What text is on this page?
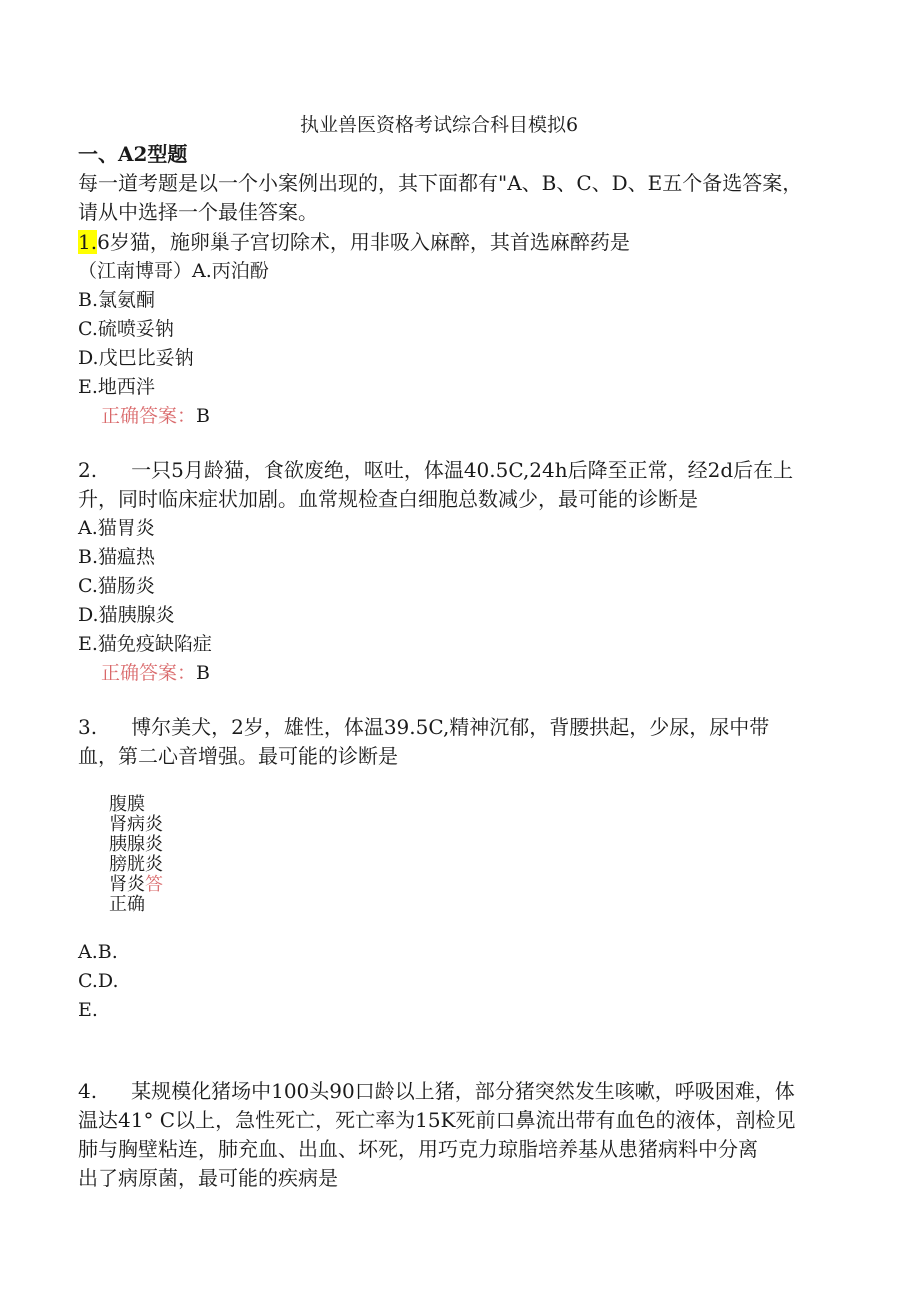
执业兽医资格考试综合科目模拟6
一、A2型题
每一道考题是以一个小案例出现的，其下面都有"A、B、C、D、E五个备选答案，
请从中选择一个最佳答案。
1.6岁猫，施卵巢子宫切除术，用非吸入麻醉，其首选麻醉药是
（江南博哥）A.丙泊酚
B.氯氨酮
C.硫喷妥钠
D.戊巴比妥钠
E.地西泮
正确答案：B
2. 一只5月龄猫，食欲废绝，呕吐，体温40.5C,24h后降至正常，经2d后在上
升，同时临床症状加剧。血常规检查白细胞总数减少，最可能的诊断是
A.猫胃炎
B.猫瘟热
C.猫肠炎
D.猫胰腺炎
E.猫免疫缺陷症
正确答案：B
3. 博尔美犬，2岁，雄性，体温39.5C,精神沉郁，背腰拱起，少尿，尿中带
血，第二心音增强。最可能的诊断是
腹膜
肾病炎
胰腺炎
膀胱炎
肾炎答
正确
A.B.
C.D.
E.
4. 某规模化猪场中100头90口龄以上猪，部分猪突然发生咳嗽，呼吸困难，体
温达41° C以上，急性死亡，死亡率为15K死前口鼻流出带有血色的液体，剖检见
肺与胸壁粘连，肺充血、出血、坏死，用巧克力琼脂培养基从患猪病料中分离
出了病原菌，最可能的疾病是
